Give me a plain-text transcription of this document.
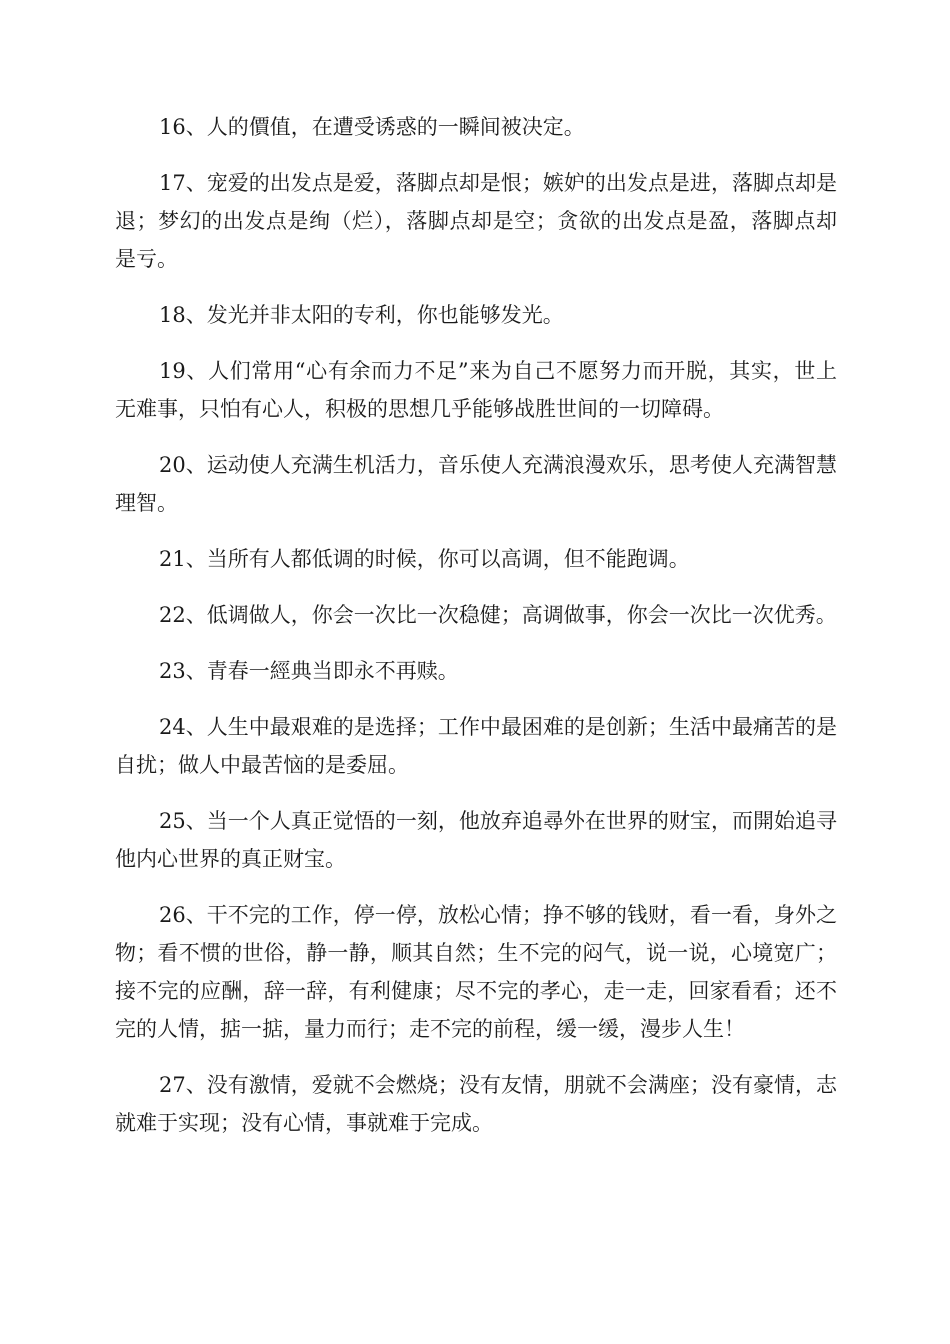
16、人的價值，在遭受诱惑的一瞬间被决定。

17、宠爱的出发点是爱，落脚点却是恨；嫉妒的出发点是进，落脚点却是退；梦幻的出发点是绚（烂），落脚点却是空；贪欲的出发点是盈，落脚点却是亏。

18、发光并非太阳的专利，你也能够发光。

19、人们常用“心有余而力不足”来为自己不愿努力而开脱，其实，世上无难事，只怕有心人，积极的思想几乎能够战胜世间的一切障碍。

20、运动使人充满生机活力，音乐使人充满浪漫欢乐，思考使人充满智慧理智。

21、当所有人都低调的时候，你可以高调，但不能跑调。

22、低调做人，你会一次比一次稳健；高调做事，你会一次比一次优秀。

23、青春一經典当即永不再赎。

24、人生中最艰难的是选择；工作中最困难的是创新；生活中最痛苦的是自扰；做人中最苦恼的是委屈。

25、当一个人真正觉悟的一刻，他放弃追尋外在世界的财宝，而開始追寻他内心世界的真正财宝。

26、干不完的工作，停一停，放松心情；挣不够的钱财，看一看，身外之物；看不惯的世俗，静一静，顺其自然；生不完的闷气，说一说，心境宽广；接不完的应酬，辞一辞，有利健康；尽不完的孝心，走一走，回家看看；还不完的人情，掂一掂，量力而行；走不完的前程，缓一缓，漫步人生！

27、没有激情，爱就不会燃烧；没有友情，朋就不会满座；没有豪情，志就难于实现；没有心情，事就难于完成。
